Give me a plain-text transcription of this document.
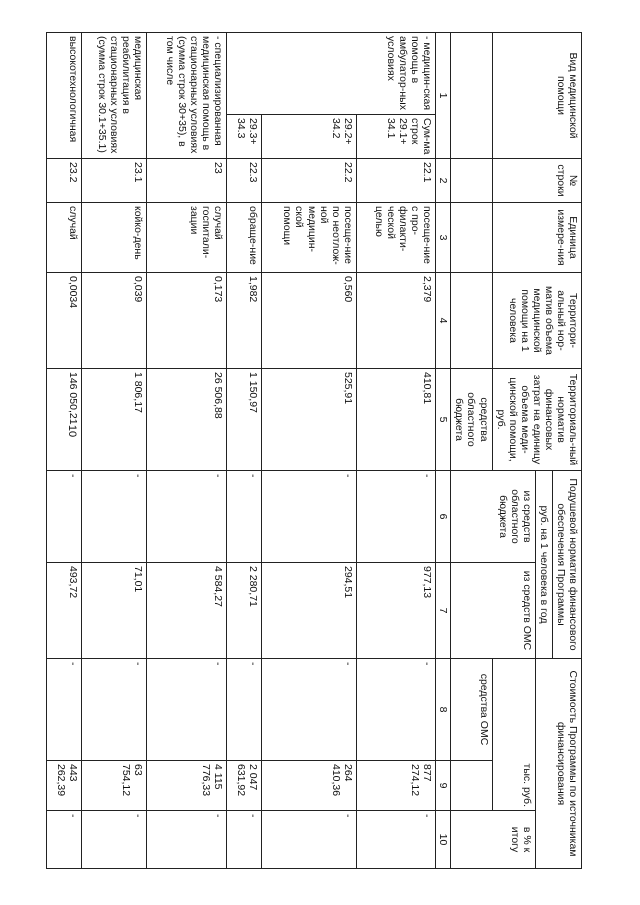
10
Вид медицинской помощи		№ строки	Единица измере-ния	Территори-альный нор-матив объема медицинской помощи на 1 человека	Территориаль-ный норматив финансовых затрат на единицу объема меди-цинской помощи, руб.	Подушевой норматив финансового обеспечения Программы		Стоимость Программы по источникам финансирования		
						руб. на 1 человека в год				
						из средств областного бюджета	из средств ОМС	тыс. руб.		в % к итогу
					средства областного бюджета			средства ОМС		
1		2	3	4	5	6	7	8	9	10
- медицин-ская помощь в амбулатор-ных условиях	Сум-ма строк 29.1+ 34.1	22.1	посеще-ние с про-филакти-ческой целью	2,379	410,81	-	977,13	-	877 274,12	-
	29.2+ 34.2	22.2	посеще-ние по неотлож-ной медицин-ской помощи	0,560	525,91	-	294,51	-	264 410,36	-
	29.3+ 34.3	22.3	обраще-ние	1,982	1 150,97	-	2 280,71	-	2 047 631,92	-
- специализированная медицинская помощь в стационарных условиях (сумма строк 30+35), в том числе		23	случай госпитали-зации	0,173	26 506,88	-	4 584,27	-	4 115 776,33	-
медицинская реабилитация в стационарных условиях (сумма строк 30.1+35.1)		23.1	койко-день	0,039	1 806,17	-	71,01	-	63 754,12	-
высокотехнологичная		23.2	случай	0,0034	146 050,21	-	493,72	-	443 262,39	-
